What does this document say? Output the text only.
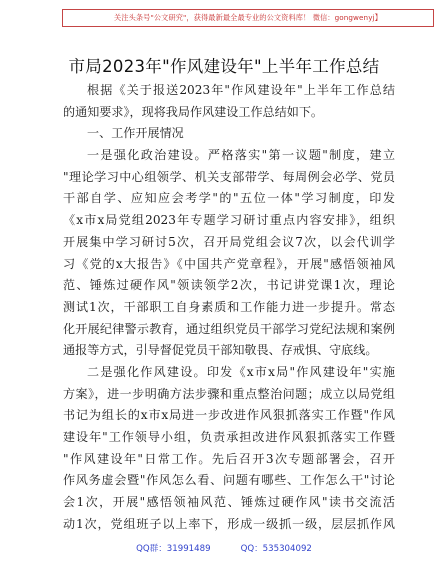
关注头条号"公文研究"，获得最新最全最专业的公文资料库！ 微信：gongwenyj】
市局2023年"作风建设年"上半年工作总结
根据《关于报送2023年"作风建设年"上半年工作总结
的通知要求》，现将我局作风建设工作总结如下。
一、工作开展情况
一是强化政治建设。严格落实"第一议题"制度，建立
"理论学习中心组领学、机关支部带学、每周例会必学、党员
干部自学、应知应会考学"的"五位一体"学习制度，印发
《x市x局党组2023年专题学习研讨重点内容安排》，组织
开展集中学习研讨5次，召开局党组会议7次，以会代训学
习《党的x大报告》《中国共产党章程》，开展"感悟领袖风
范、锤炼过硬作风"领读领学2次，书记讲党课1次，理论
测试1次，干部职工自身素质和工作能力进一步提升。常态
化开展纪律警示教育，通过组织党员干部学习党纪法规和案例
通报等方式，引导督促党员干部知敬畏、存戒惧、守底线。
二是强化作风建设。印发《x市x局"作风建设年"实施
方案》，进一步明确方法步骤和重点整治问题；成立以局党组
书记为组长的x市x局进一步改进作风狠抓落实工作暨"作风
建设年"工作领导小组，负责承担改进作风狠抓落实工作暨
"作风建设年"日常工作。先后召开3次专题部署会，召开
作风务虚会暨"作风怎么看、问题有哪些、工作怎么干"讨论
会1次，开展"感悟领袖风范、锤炼过硬作风"读书交流活
动1次，党组班子以上率下，形成一级抓一级，层层抓作风
QQ群：31991489	QQ：535304092
